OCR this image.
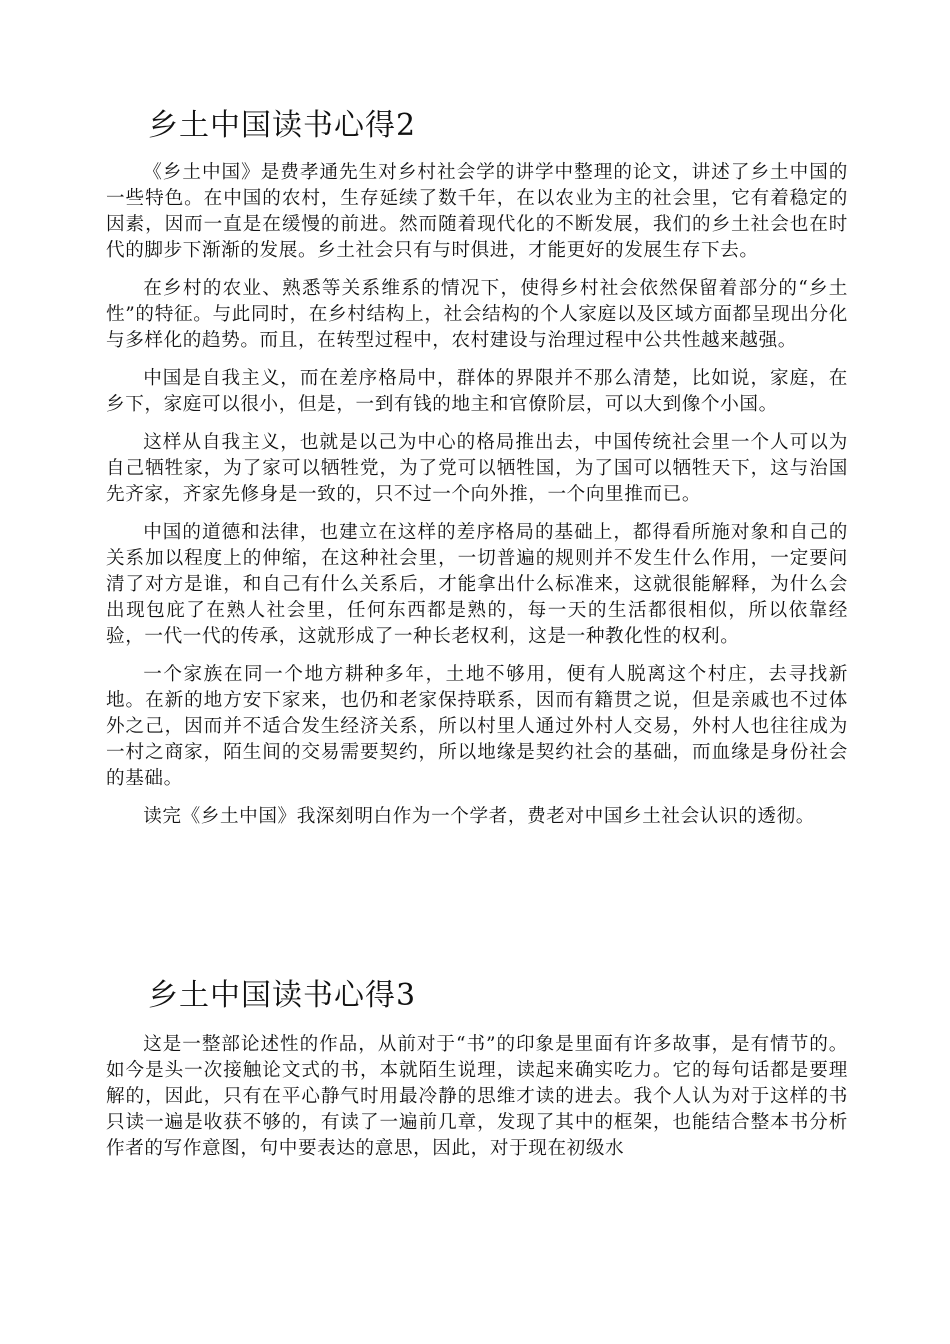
乡土中国读书心得2

《乡土中国》是费孝通先生对乡村社会学的讲学中整理的论文，讲述了乡土中国的一些特色。在中国的农村，生存延续了数千年，在以农业为主的社会里，它有着稳定的因素，因而一直是在缓慢的前进。然而随着现代化的不断发展，我们的乡土社会也在时代的脚步下渐渐的发展。乡土社会只有与时俱进，才能更好的发展生存下去。

在乡村的农业、熟悉等关系维系的情况下，使得乡村社会依然保留着部分的“乡土性”的特征。与此同时，在乡村结构上，社会结构的个人家庭以及区域方面都呈现出分化与多样化的趋势。而且，在转型过程中，农村建设与治理过程中公共性越来越强。

中国是自我主义，而在差序格局中，群体的界限并不那么清楚，比如说，家庭，在乡下，家庭可以很小，但是，一到有钱的地主和官僚阶层，可以大到像个小国。

这样从自我主义，也就是以己为中心的格局推出去，中国传统社会里一个人可以为自己牺牲家，为了家可以牺牲党，为了党可以牺牲国，为了国可以牺牲天下，这与治国先齐家，齐家先修身是一致的，只不过一个向外推，一个向里推而已。

中国的道德和法律，也建立在这样的差序格局的基础上，都得看所施对象和自己的关系加以程度上的伸缩，在这种社会里，一切普遍的规则并不发生什么作用，一定要问清了对方是谁，和自己有什么关系后，才能拿出什么标准来，这就很能解释，为什么会出现包庇了在熟人社会里，任何东西都是熟的，每一天的生活都很相似，所以依靠经验，一代一代的传承，这就形成了一种长老权利，这是一种教化性的权利。

一个家族在同一个地方耕种多年，土地不够用，便有人脱离这个村庄，去寻找新地。在新的地方安下家来，也仍和老家保持联系，因而有籍贯之说，但是亲戚也不过体外之己，因而并不适合发生经济关系，所以村里人通过外村人交易，外村人也往往成为一村之商家，陌生间的交易需要契约，所以地缘是契约社会的基础，而血缘是身份社会的基础。

读完《乡土中国》我深刻明白作为一个学者，费老对中国乡土社会认识的透彻。

乡土中国读书心得3

这是一整部论述性的作品，从前对于“书”的印象是里面有许多故事，是有情节的。如今是头一次接触论文式的书，本就陌生说理，读起来确实吃力。它的每句话都是要理解的，因此，只有在平心静气时用最冷静的思维才读的进去。我个人认为对于这样的书只读一遍是收获不够的，有读了一遍前几章，发现了其中的框架，也能结合整本书分析作者的写作意图，句中要表达的意思，因此，对于现在初级水
